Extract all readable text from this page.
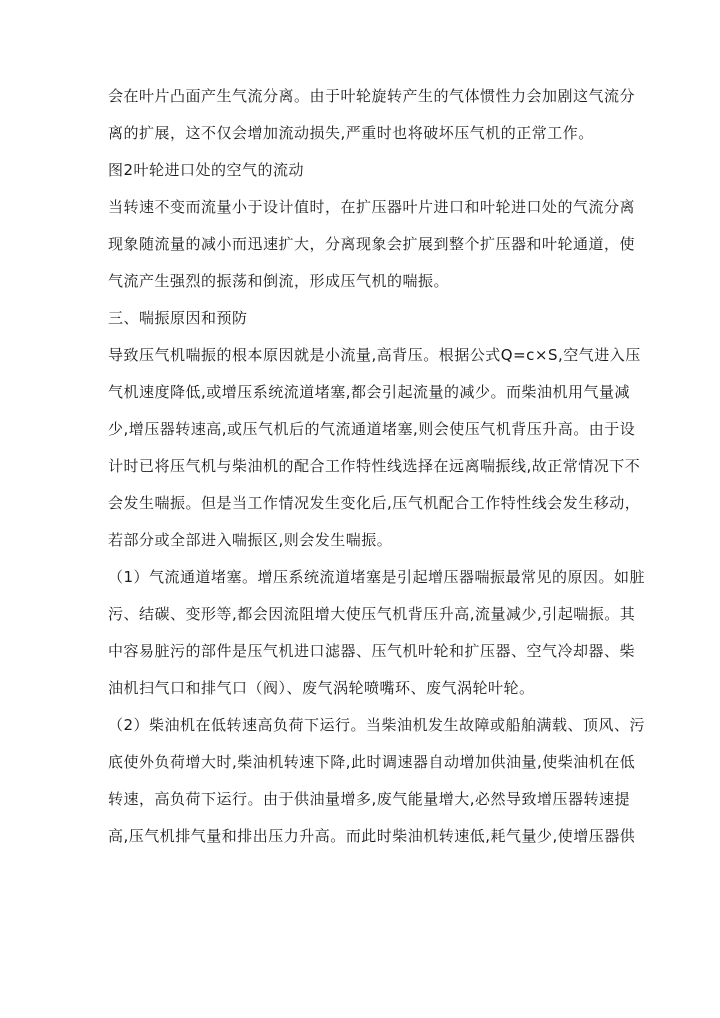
会在叶片凸面产生气流分离。由于叶轮旋转产生的气体惯性力会加剧这气流分
离的扩展，这不仅会增加流动损失,严重时也将破坏压气机的正常工作。

图2叶轮进口处的空气的流动

当转速不变而流量小于设计值时，在扩压器叶片进口和叶轮进口处的气流分离
现象随流量的减小而迅速扩大，分离现象会扩展到整个扩压器和叶轮通道，使
气流产生强烈的振荡和倒流，形成压气机的喘振。

三、喘振原因和预防

导致压气机喘振的根本原因就是小流量,高背压。根据公式Q=c×S,空气进入压
气机速度降低,或增压系统流道堵塞,都会引起流量的减少。而柴油机用气量减
少,增压器转速高,或压气机后的气流通道堵塞,则会使压气机背压升高。由于设
计时已将压气机与柴油机的配合工作特性线选择在远离喘振线,故正常情况下不
会发生喘振。但是当工作情况发生变化后,压气机配合工作特性线会发生移动，
若部分或全部进入喘振区,则会发生喘振。

（1）气流通道堵塞。增压系统流道堵塞是引起增压器喘振最常见的原因。如脏
污、结碳、变形等,都会因流阻增大使压气机背压升高,流量减少,引起喘振。其
中容易脏污的部件是压气机进口滤器、压气机叶轮和扩压器、空气冷却器、柴
油机扫气口和排气口（阀）、废气涡轮喷嘴环、废气涡轮叶轮。

（2）柴油机在低转速高负荷下运行。当柴油机发生故障或船舶满载、顶风、污
底使外负荷增大时,柴油机转速下降,此时调速器自动增加供油量,使柴油机在低
转速，高负荷下运行。由于供油量增多,废气能量增大,必然导致增压器转速提
高,压气机排气量和排出压力升高。而此时柴油机转速低,耗气量少,使增压器供
